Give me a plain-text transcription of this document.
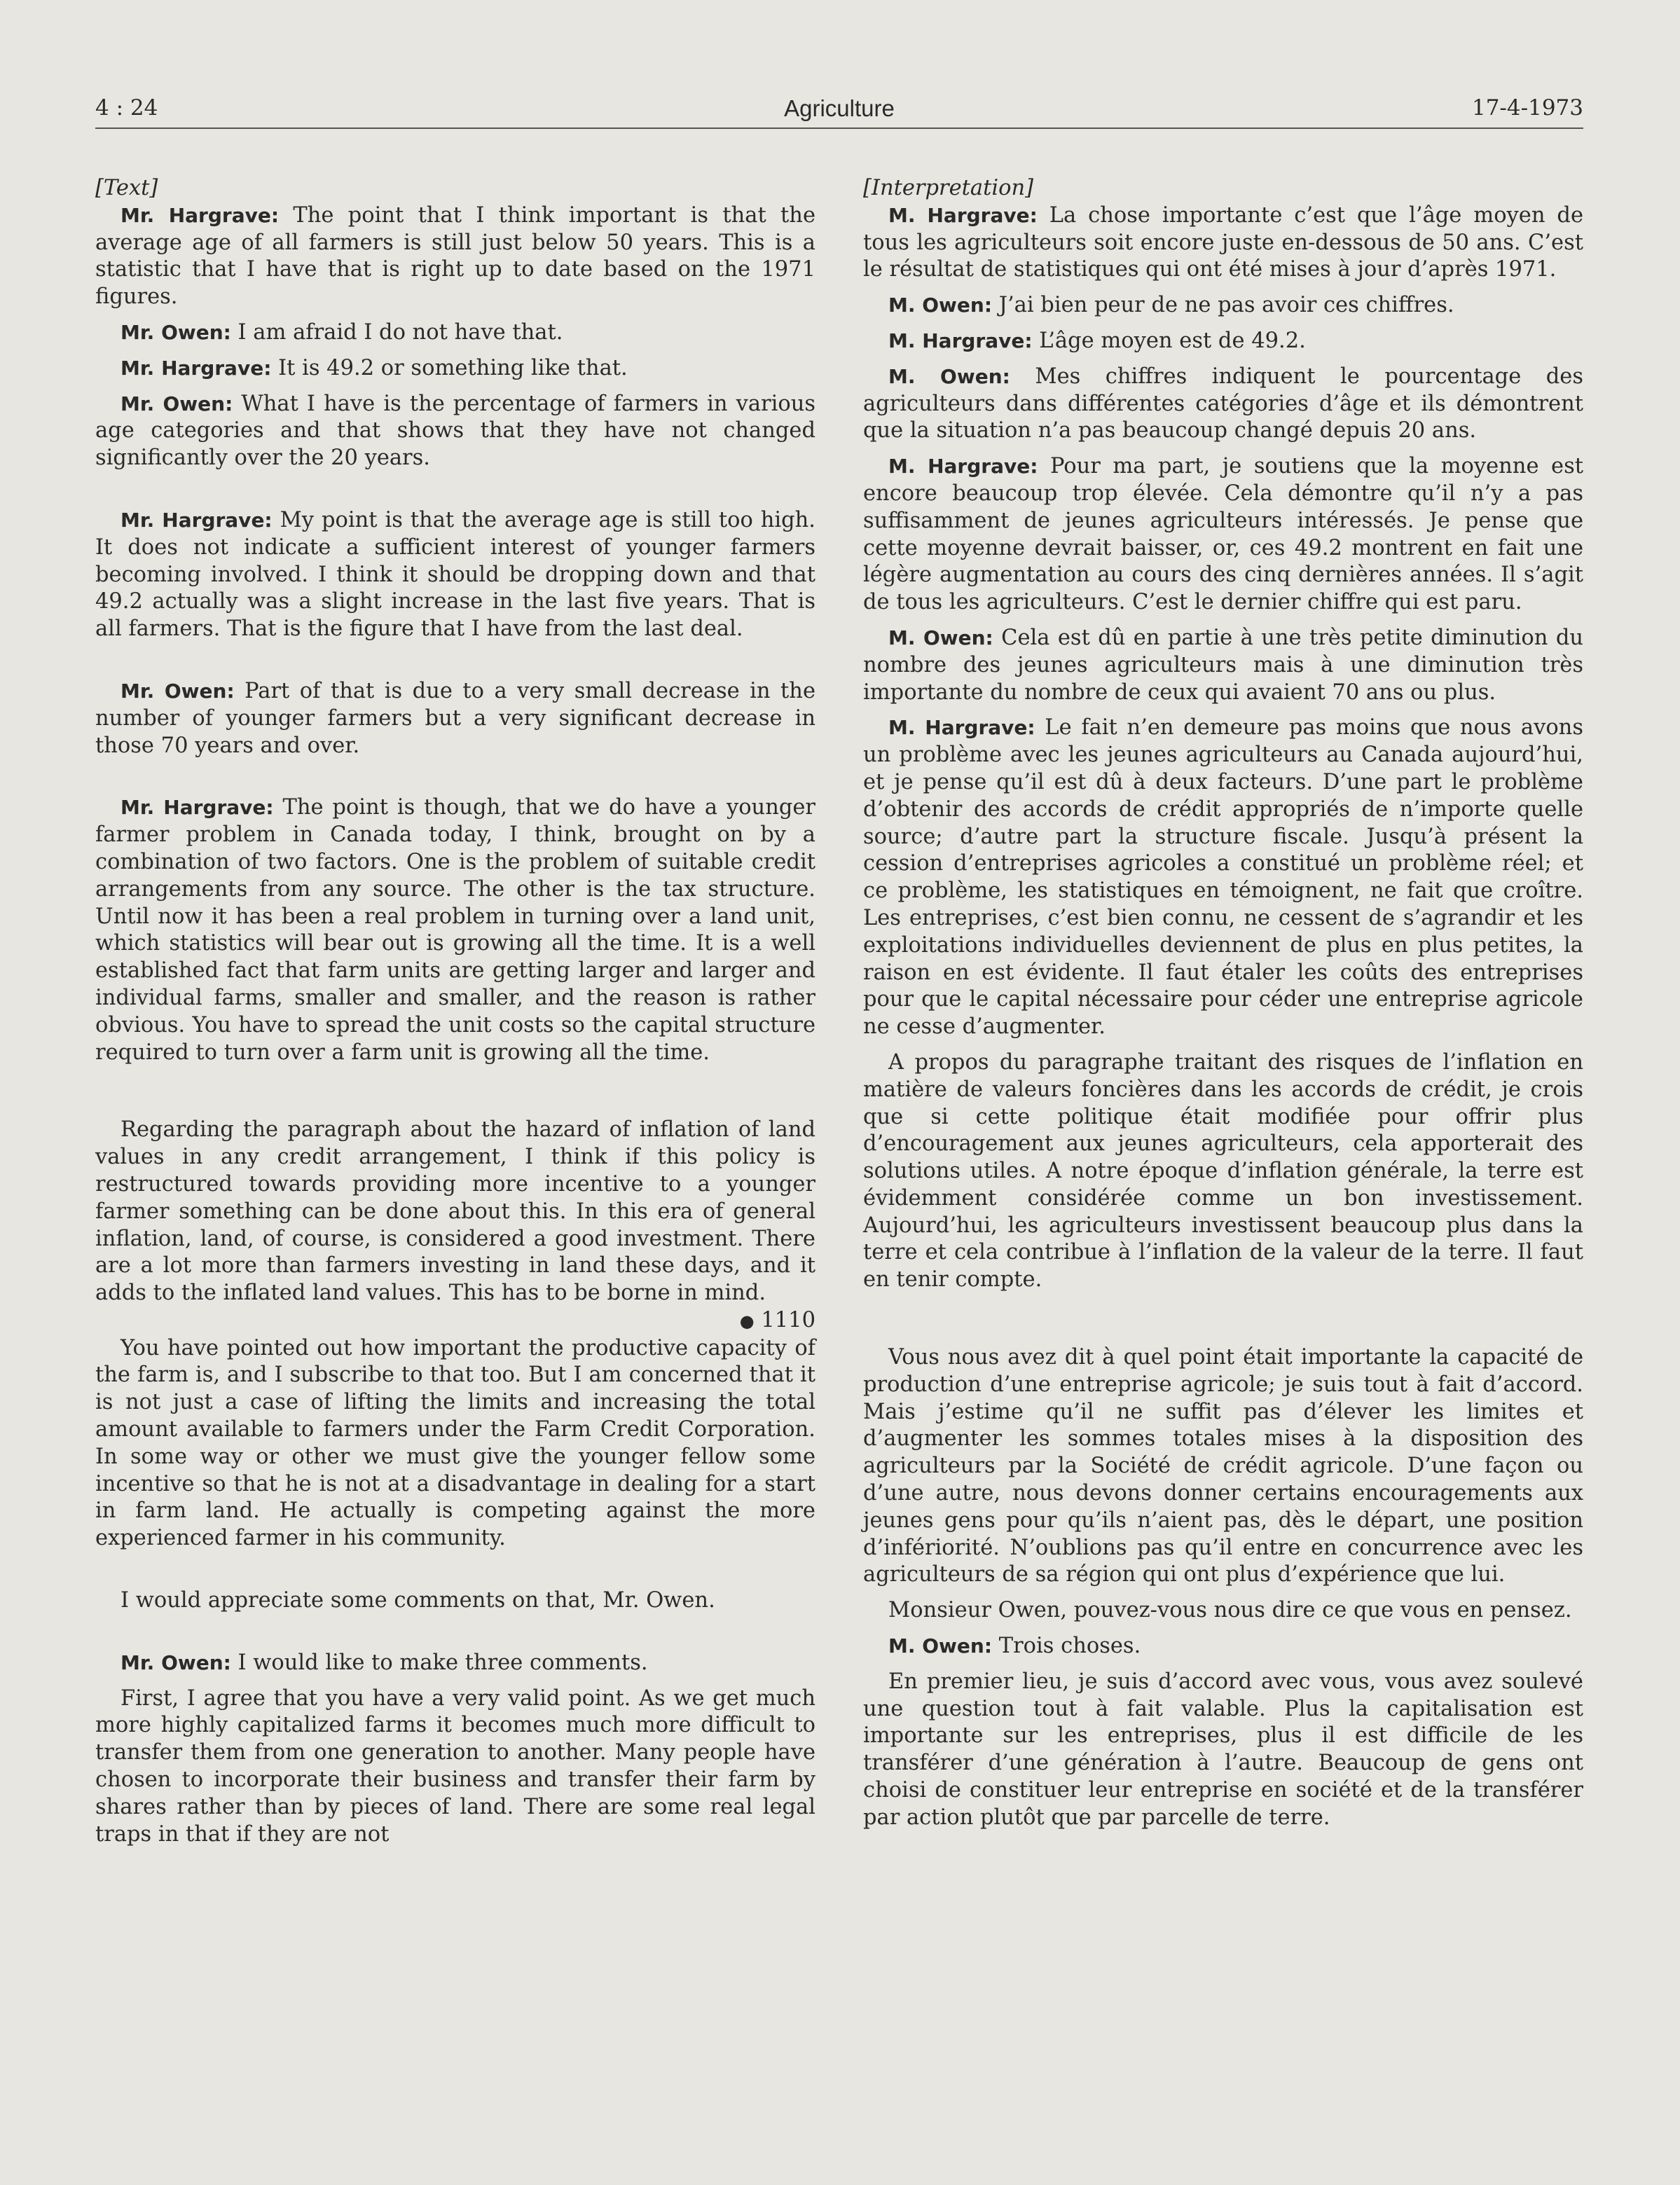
4 : 24	Agriculture	17-4-1973

[Text]

Mr. Hargrave: The point that I think important is that the average age of all farmers is still just below 50 years. This is a statistic that I have that is right up to date based on the 1971 figures.

Mr. Owen: I am afraid I do not have that.

Mr. Hargrave: It is 49.2 or something like that.

Mr. Owen: What I have is the percentage of farmers in various age categories and that shows that they have not changed significantly over the 20 years.

Mr. Hargrave: My point is that the average age is still too high. It does not indicate a sufficient interest of younger farmers becoming involved. I think it should be dropping down and that 49.2 actually was a slight increase in the last five years. That is all farmers. That is the figure that I have from the last deal.

Mr. Owen: Part of that is due to a very small decrease in the number of younger farmers but a very significant decrease in those 70 years and over.

Mr. Hargrave: The point is though, that we do have a younger farmer problem in Canada today, I think, brought on by a combination of two factors. One is the problem of suitable credit arrangements from any source. The other is the tax structure. Until now it has been a real problem in turning over a land unit, which statistics will bear out is growing all the time. It is a well established fact that farm units are getting larger and larger and individual farms, smaller and smaller, and the reason is rather obvious. You have to spread the unit costs so the capital structure required to turn over a farm unit is growing all the time.

Regarding the paragraph about the hazard of inflation of land values in any credit arrangement, I think if this policy is restructured towards providing more incentive to a younger farmer something can be done about this. In this era of general inflation, land, of course, is considered a good investment. There are a lot more than farmers investing in land these days, and it adds to the inflated land values. This has to be borne in mind.

● 1110

You have pointed out how important the productive capacity of the farm is, and I subscribe to that too. But I am concerned that it is not just a case of lifting the limits and increasing the total amount available to farmers under the Farm Credit Corporation. In some way or other we must give the younger fellow some incentive so that he is not at a disadvantage in dealing for a start in farm land. He actually is competing against the more experienced farmer in his community.

I would appreciate some comments on that, Mr. Owen.

Mr. Owen: I would like to make three comments.

First, I agree that you have a very valid point. As we get much more highly capitalized farms it becomes much more difficult to transfer them from one generation to another. Many people have chosen to incorporate their business and transfer their farm by shares rather than by pieces of land. There are some real legal traps in that if they are not

[Interpretation]

M. Hargrave: La chose importante c’est que l’âge moyen de tous les agriculteurs soit encore juste en-dessous de 50 ans. C’est le résultat de statistiques qui ont été mises à jour d’après 1971.

M. Owen: J’ai bien peur de ne pas avoir ces chiffres.

M. Hargrave: L’âge moyen est de 49.2.

M. Owen: Mes chiffres indiquent le pourcentage des agriculteurs dans différentes catégories d’âge et ils démontrent que la situation n’a pas beaucoup changé depuis 20 ans.

M. Hargrave: Pour ma part, je soutiens que la moyenne est encore beaucoup trop élevée. Cela démontre qu’il n’y a pas suffisamment de jeunes agriculteurs intéressés. Je pense que cette moyenne devrait baisser, or, ces 49.2 montrent en fait une légère augmentation au cours des cinq dernières années. Il s’agit de tous les agriculteurs. C’est le dernier chiffre qui est paru.

M. Owen: Cela est dû en partie à une très petite diminution du nombre des jeunes agriculteurs mais à une diminution très importante du nombre de ceux qui avaient 70 ans ou plus.

M. Hargrave: Le fait n’en demeure pas moins que nous avons un problème avec les jeunes agriculteurs au Canada aujourd’hui, et je pense qu’il est dû à deux facteurs. D’une part le problème d’obtenir des accords de crédit appropriés de n’importe quelle source; d’autre part la structure fiscale. Jusqu’à présent la cession d’entreprises agricoles a constitué un problème réel; et ce problème, les statistiques en témoignent, ne fait que croître. Les entreprises, c’est bien connu, ne cessent de s’agrandir et les exploitations individuelles deviennent de plus en plus petites, la raison en est évidente. Il faut étaler les coûts des entreprises pour que le capital nécessaire pour céder une entreprise agricole ne cesse d’augmenter.

A propos du paragraphe traitant des risques de l’inflation en matière de valeurs foncières dans les accords de crédit, je crois que si cette politique était modifiée pour offrir plus d’encouragement aux jeunes agriculteurs, cela apporterait des solutions utiles. A notre époque d’inflation générale, la terre est évidemment considérée comme un bon investissement. Aujourd’hui, les agriculteurs investissent beaucoup plus dans la terre et cela contribue à l’inflation de la valeur de la terre. Il faut en tenir compte.

Vous nous avez dit à quel point était importante la capacité de production d’une entreprise agricole; je suis tout à fait d’accord. Mais j’estime qu’il ne suffit pas d’élever les limites et d’augmenter les sommes totales mises à la disposition des agriculteurs par la Société de crédit agricole. D’une façon ou d’une autre, nous devons donner certains encouragements aux jeunes gens pour qu’ils n’aient pas, dès le départ, une position d’infériorité. N’oublions pas qu’il entre en concurrence avec les agriculteurs de sa région qui ont plus d’expérience que lui.

Monsieur Owen, pouvez-vous nous dire ce que vous en pensez.

M. Owen: Trois choses.

En premier lieu, je suis d’accord avec vous, vous avez soulevé une question tout à fait valable. Plus la capitalisation est importante sur les entreprises, plus il est difficile de les transférer d’une génération à l’autre. Beaucoup de gens ont choisi de constituer leur entreprise en société et de la transférer par action plutôt que par parcelle de terre.
